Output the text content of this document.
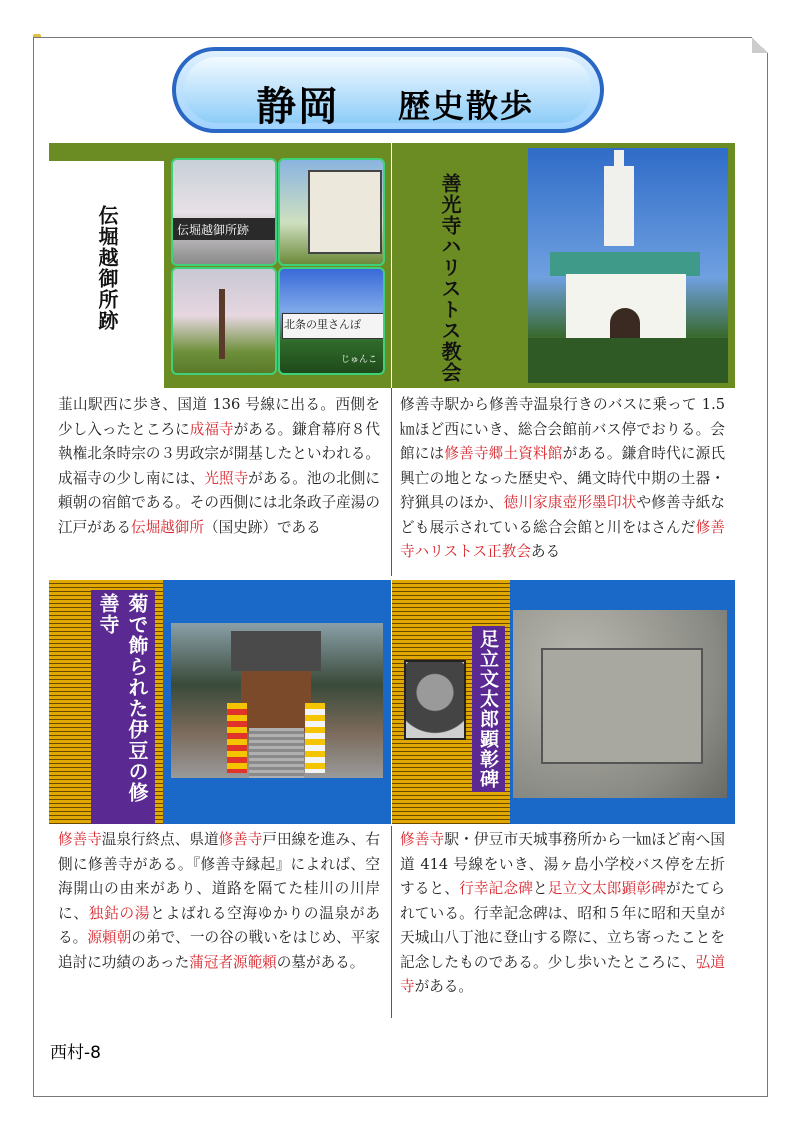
静岡 歴史散歩
伝堀越御所跡	伝堀越御所跡
北条の里さんぽ
じゅんこ	善光寺ハリストス教会
韮山駅西に歩き、国道 136 号線に出る。西側を少し入ったところに成福寺がある。鎌倉幕府８代執権北条時宗の３男政宗が開基したといわれる。成福寺の少し南には、光照寺がある。池の北側に頼朝の宿館である。その西側には北条政子産湯の江戸がある伝堀越御所（国史跡）である
修善寺駅から修善寺温泉行きのバスに乗って 1.5 ㎞ほど西にいき、総合会館前バス停でおりる。会館には修善寺郷土資料館がある。鎌倉時代に源氏興亡の地となった歴史や、縄文時代中期の土器・狩猟具のほか、徳川家康壺形墨印状や修善寺紙なども展示されている総合会館と川をはさんだ修善寺ハリストス正教会ある
菊で飾られた伊豆の修善寺
足立文太郎顕彰碑
修善寺温泉行終点、県道修善寺戸田線を進み、右側に修善寺がある。『修善寺縁起』によれば、空海開山の由来があり、道路を隔てた桂川の川岸に、独鈷の湯とよばれる空海ゆかりの温泉がある。源頼朝の弟で、一の谷の戦いをはじめ、平家追討に功績のあった蒲冠者源範頼の墓がある。
修善寺駅・伊豆市天城事務所から一㎞ほど南へ国道 414 号線をいき、湯ヶ島小学校バス停を左折すると、行幸記念碑と足立文太郎顕彰碑がたてられている。行幸記念碑は、昭和５年に昭和天皇が天城山八丁池に登山する際に、立ち寄ったことを記念したものである。少し歩いたところに、弘道寺がある。
西村-8
